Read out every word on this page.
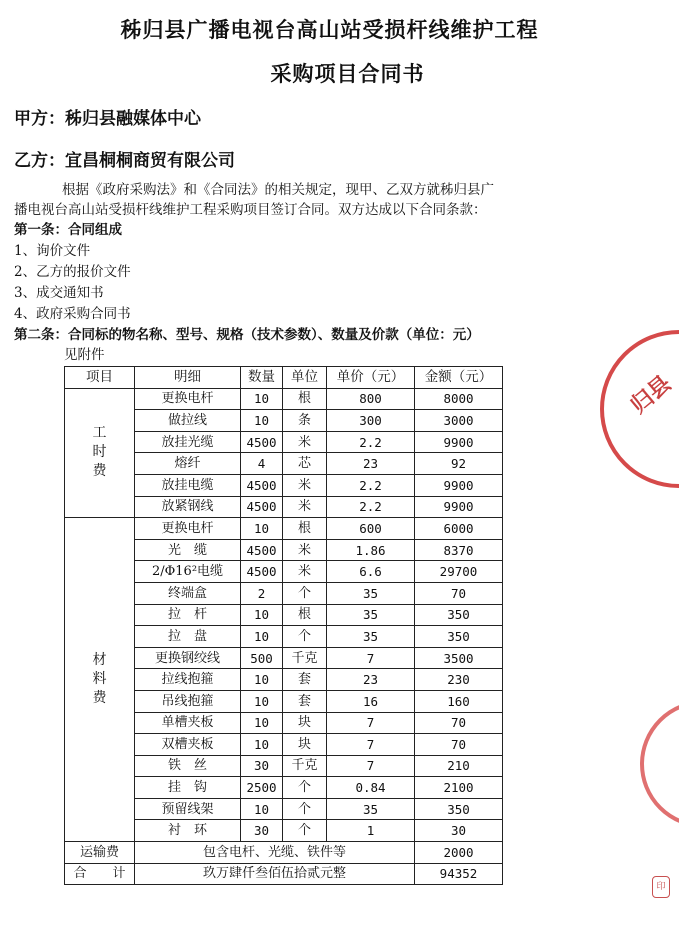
秭归县广播电视台高山站受损杆线维护工程
采购项目合同书
甲方：秭归县融媒体中心
乙方：宜昌桐桐商贸有限公司
根据《政府采购法》和《合同法》的相关规定，现甲、乙双方就秭归县广
播电视台高山站受损杆线维护工程采购项目签订合同。双方达成以下合同条款：
第一条：合同组成
1、询价文件
2、乙方的报价文件
3、成交通知书
4、政府采购合同书
第二条：合同标的物名称、型号、规格（技术参数）、数量及价款（单位：元）
见附件
项目	明细	数量	单位	单价（元）	金额（元）
工
时
费	更换电杆	10	根	800	8000
	做拉线	10	条	300	3000
	放挂光缆	4500	米	2.2	9900
	熔纤	4	芯	23	92
	放挂电缆	4500	米	2.2	9900
	放紧钢线	4500	米	2.2	9900
材
料
费	更换电杆	10	根	600	6000
	光　缆	4500	米	1.86	8370
	2/Φ16²电缆	4500	米	6.6	29700
	终端盒	2	个	35	70
	拉　杆	10	根	35	350
	拉　盘	10	个	35	350
	更换钢绞线	500	千克	7	3500
	拉线抱箍	10	套	23	230
	吊线抱箍	10	套	16	160
	单槽夹板	10	块	7	70
	双槽夹板	10	块	7	70
	铁　丝	30	千克	7	210
	挂　钩	2500	个	0.84	2100
	预留线架	10	个	35	350
	衬　环	30	个	1	30
运输费	包含电杆、光缆、铁件等				2000
合　　计	玖万肆仟叁佰伍拾贰元整				94352
归县
印
